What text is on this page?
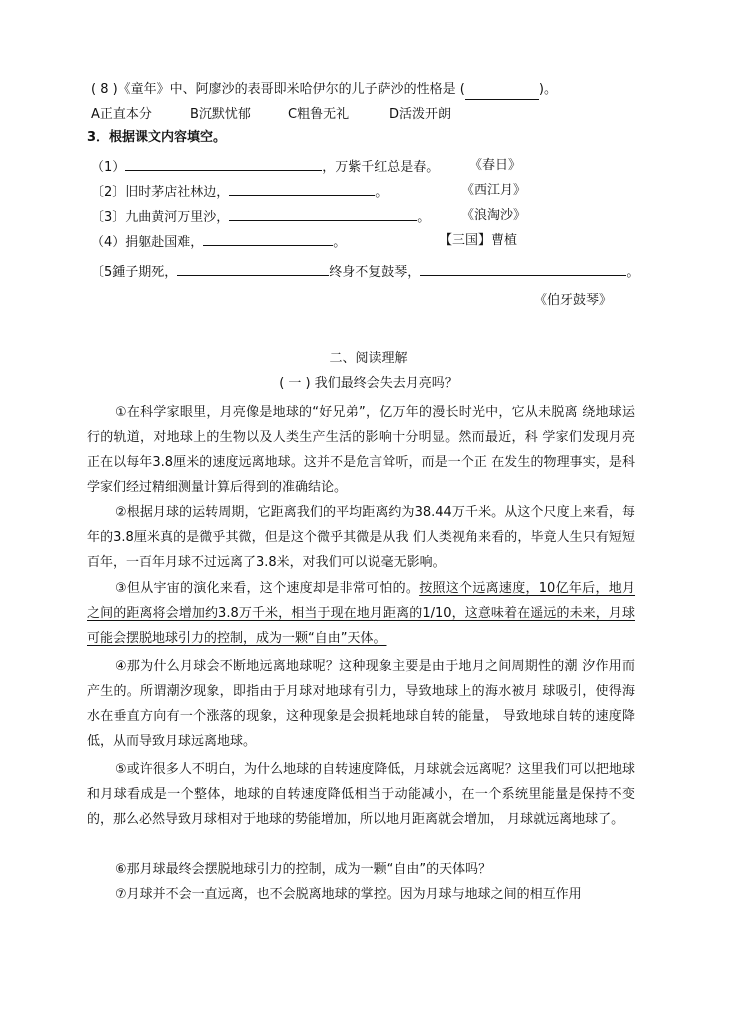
( 8 )《童年》中、阿廖沙的表哥即米哈伊尔的儿子萨沙的性格是 (	)。
A正直本分	B沉默忧郁	C粗鲁无礼	D活泼开朗
3．根据课文内容填空。
（1）	，万紫千红总是春。 《春日》
〔2〕旧时茅店社林边，	。	《西江月》
〔3〕九曲黄河万里沙，	。 《浪淘沙》
（4）捐躯赴国难，	。	【三国】曹植
〔5鍾子期死，	终身不复鼓琴，	。
《伯牙鼓琴》
二、阅读理解
( 一 ) 我们最终会失去月亮吗？

①在科学家眼里，月亮像是地球的“好兄弟”，亿万年的漫长时光中，它从未脱离 绕地球运行的轨道，对地球上的生物以及人类生产生活的影响十分明显。然而最近，科 学家们发现月亮正在以每年3.8厘米的速度远离地球。这并不是危言耸听，而是一个正 在发生的物理事实，是科学家们经过精细测量计算后得到的准确结论。

②根据月球的运转周期，它距离我们的平均距离约为38.44万千米。从这个尺度上来看，每年的3.8厘米真的是微乎其微，但是这个微乎其微是从我 们人类视角来看的，毕竟人生只有短短百年，一百年月球不过远离了3.8米，对我们可以说毫无影响。

③但从宇宙的演化来看，这个速度却是非常可怕的。按照这个远离速度，10亿年后，地月之间的距离将会增加约3.8万千米，相当于现在地月距离的1/10，这意味着在遥远的未来，月球可能会摆脱地球引力的控制，成为一颗“自由”天体。

④那为什么月球会不断地远离地球呢？这种现象主要是由于地月之间周期性的潮 汐作用而产生的。所谓潮汐现象，即指由于月球对地球有引力，导致地球上的海水被月 球吸引，使得海水在垂直方向有一个涨落的现象，这种现象是会损耗地球自转的能量， 导致地球自转的速度降低，从而导致月球远离地球。

⑤或许很多人不明白，为什么地球的自转速度降低，月球就会远离呢？这里我们可以把地球和月球看成是一个整体，地球的自转速度降低相当于动能减小，在一个系统里能量是保持不变的，那么必然导致月球相对于地球的势能增加，所以地月距离就会增加， 月球就远离地球了。

⑥那月球最终会摆脱地球引力的控制，成为一颗“自由”的天体吗？

⑦月球并不会一直远离，也不会脱离地球的掌控。因为月球与地球之间的相互作用
